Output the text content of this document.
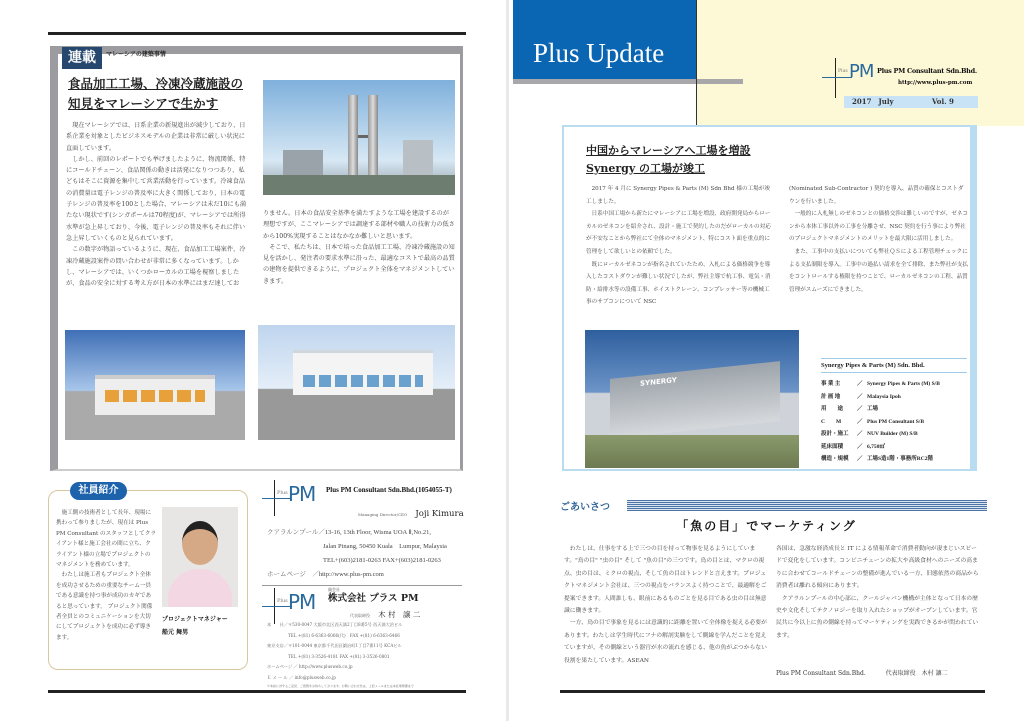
連載	マレーシアの建築事情
食品加工工場、冷凍冷蔵施設の
知見をマレーシアで生かす

現在マレーシアでは、日系企業の新規進出が減少しており、日系企業を対象としたビジネスモデルの企業は非常に厳しい状況に直面しています。

しかし、前回のレポートでも挙げましたように、物流関係、特にコールドチェーン、食品関係の動きは活発になりつつあり、私どもはそこに資源を集中して営業活動を行っています。冷凍食品の消費量は電子レンジの普及率に大きく関係しており、日本の電子レンジの普及率を100とした場合、マレーシアは未だ10にも満たない現状です(シンガポールは70程度)が、マレーシアでは所得水準が急上昇しており、今後、電子レンジの普及率もそれに伴い急上昇していくものと見られています。

この数字が物語っているように、現在、食品加工工場案件、冷凍冷蔵施設案件の問い合わせが非常に多くなっています。しかし、マレーシアでは、いくつかローカルの工場を視察しましたが、食品の安全に対する考え方が日本の水準にはまだ達してお

りません。日本の食品安全基準を満たすような工場を建設するのが理想ですが、ここマレーシアでは調達する部材や職人の技術力の低さから100%実現することはなかなか難しいと思います。

そこで、私たちは、日本で培った食品加工工場、冷凍冷蔵施設の知見を活かし、発注者の要求水準に沿った、最適なコストで最高の品質の建物を提供できるように、プロジェクト全体をマネジメントしていきます。

社員紹介

施工側の技術者として長年、現場に携わって参りましたが、現在は Plus PM Consultant のスタッフとしてクライアント様と施工会社の間に立ち、クライアント様の立場でプロジェクトのマネジメントを務めています。

わたしは施工者もプロジェクト全体を成功させるための重要なチーム一員である意識を持つ事が成功のカギであると思っています。 プロジェクト関係者全員とのコミュニケーションを大切にしてプロジェクトを成功に必ず導きます。

プロジェクトマネジャー
船元 舞男
Plus PM Plus PM Consultant Sdn.Bhd.(1054055-T)
Managing Director/CEO Joji Kimura
クアラルンプール／13-16, 13th Floor, Wisma UOA Ⅱ,No.21,
Jalan Pinang, 50450 Kuala　Lumpur, Malaysia
TEL+(603)2181-0263 FAX+(603)2181-0263
ホームページ　／http://www.plus-pm.com
Plus PM
親会社
株式会社 プラス PM
代表取締役 木 村　譲 二
本　　社／〒530-0047 大阪市北区西天満2丁目8番5号 西天満大治ビル
　　　　　TEL +(81) 6-6363-6066(代)　FAX +(81) 6-6363-6466
東京支店／〒101-0044 東京都千代田区鍛冶町1丁目7番11号 KCAビル
　　　　　TEL +(81) 3-3526-4181 FAX +(81) 3-3526-0801
ホームページ ／ http://www.plusweb.co.jp
Ｅ メ ー ル ／ info@plusweb.co.jp
※本誌に対するご意見、ご感想をお待ちしております。お問い合わせ先は、上記メールまたは本社業務課まで
Plus Update
Plus PM Plus PM Consultant Sdn.Bhd.
http://www.plus-pm.com
2017　July	Vol. 9
中国からマレーシアへ工場を増設
Synergy の工場が竣工

2017 年 4 月に Synergy Pipes & Parts (M) Sdn Bhd 様の工場が竣工しました。

日系中国工場から新たにマレーシアに工場を増設、政府開発局からローカルのゼネコンを紹介され、設計・施工で契約したのだがローカルの対応が不安なことから弊社にて全体のマネジメント、特にコスト面を重点的に管理をして欲しいとの依頼でした。

既にローカルゼネコンが指名されていたため、入札による価格競争を導入したコストダウンが難しい状況でしたが、弊社主導で杭工事、電気・消防・給排水等の設備工事、ホイストクレーン、コンプレッサー等の機械工事のサブコンについて NSC

(Nominated Sub-Contractor ) 契約を導入、品質の確保とコストダウンを行いました。

一般的に入札無しのゼネコンとの価格交渉は難しいのですが、ゼネコンから本体工事以外の工事を分離させ、NSC 契約を行う事により弊社のプロジェクトマネジメントのメリットを最大限に活用しました。

また、工事中の支払いについても弊社ＱＳによる工程管理チェックによる支払制限を導入。工事中の過払い請求を全て排除、また弊社が支払をコントロールする権限を持つことで、ローカルゼネコンの工程、品質管理がスムーズにできました。

SYNERGY
Synergy Pipes & Parts (M) Sdn. Bhd.
事 業 主	／ Synergy Pipes & Parts (M) S/B
計 画 地	／ Malaysia Ipoh
用　　途	／ 工場
C　　M	／ Plus PM Consultant S/B
設計・施工	／ NUV Builder (M) S/B
延床面積	／ 6,750㎡
構造・規模	／ 工場S造1階・事務所RC2階
ごあいさつ
「魚の目」でマーケティング

わたしは、仕事をする上で三つの目を持って物事を見るようにしています。"鳥の目" "虫の目" そして "魚の目"の三つです。鳥の目とは、マクロの視点、虫の目は、ミクロの視点、そして魚の目はトレンドと言えます。プロジェクトマネジメント会社は、三つの視点をバランスよく持つことで、最適解をご提案できます。人間誰しも、眼前にあるものごとを見る目である虫の目は無意識に働きます。

一方、鳥の目で事象を見るには意識的に距離を置いて全体像を捉える必要があります。わたしは学生時代にフナの解剖実験をして側線を学んだことを覚えていますが、その側線という器官が水の流れを感じる、他の魚がぶつからない役割を果たしています。ASEAN

各国は、急激な経済成長と IT による情報革命で消費者動向が凄まじいスピードで変化をしています。コンビニチェーンの拡大や高級食材へのニーズの高まりに合わせてコールドチェーンの整備が進んでいる一方、旧態依然の商品から消費者は離れる傾向にあります。

クアラルンプールの中心部に、クールジャパン機構が主体となって日本の歴史や文化そしてテクノロジーを取り入れたショップがオープンしています。官民共に今以上に魚の側線を持ってマーケティングを実践できるかが問われています。

Plus PM Consultant Sdn.Bhd.	代表取締役　木村 讓二
